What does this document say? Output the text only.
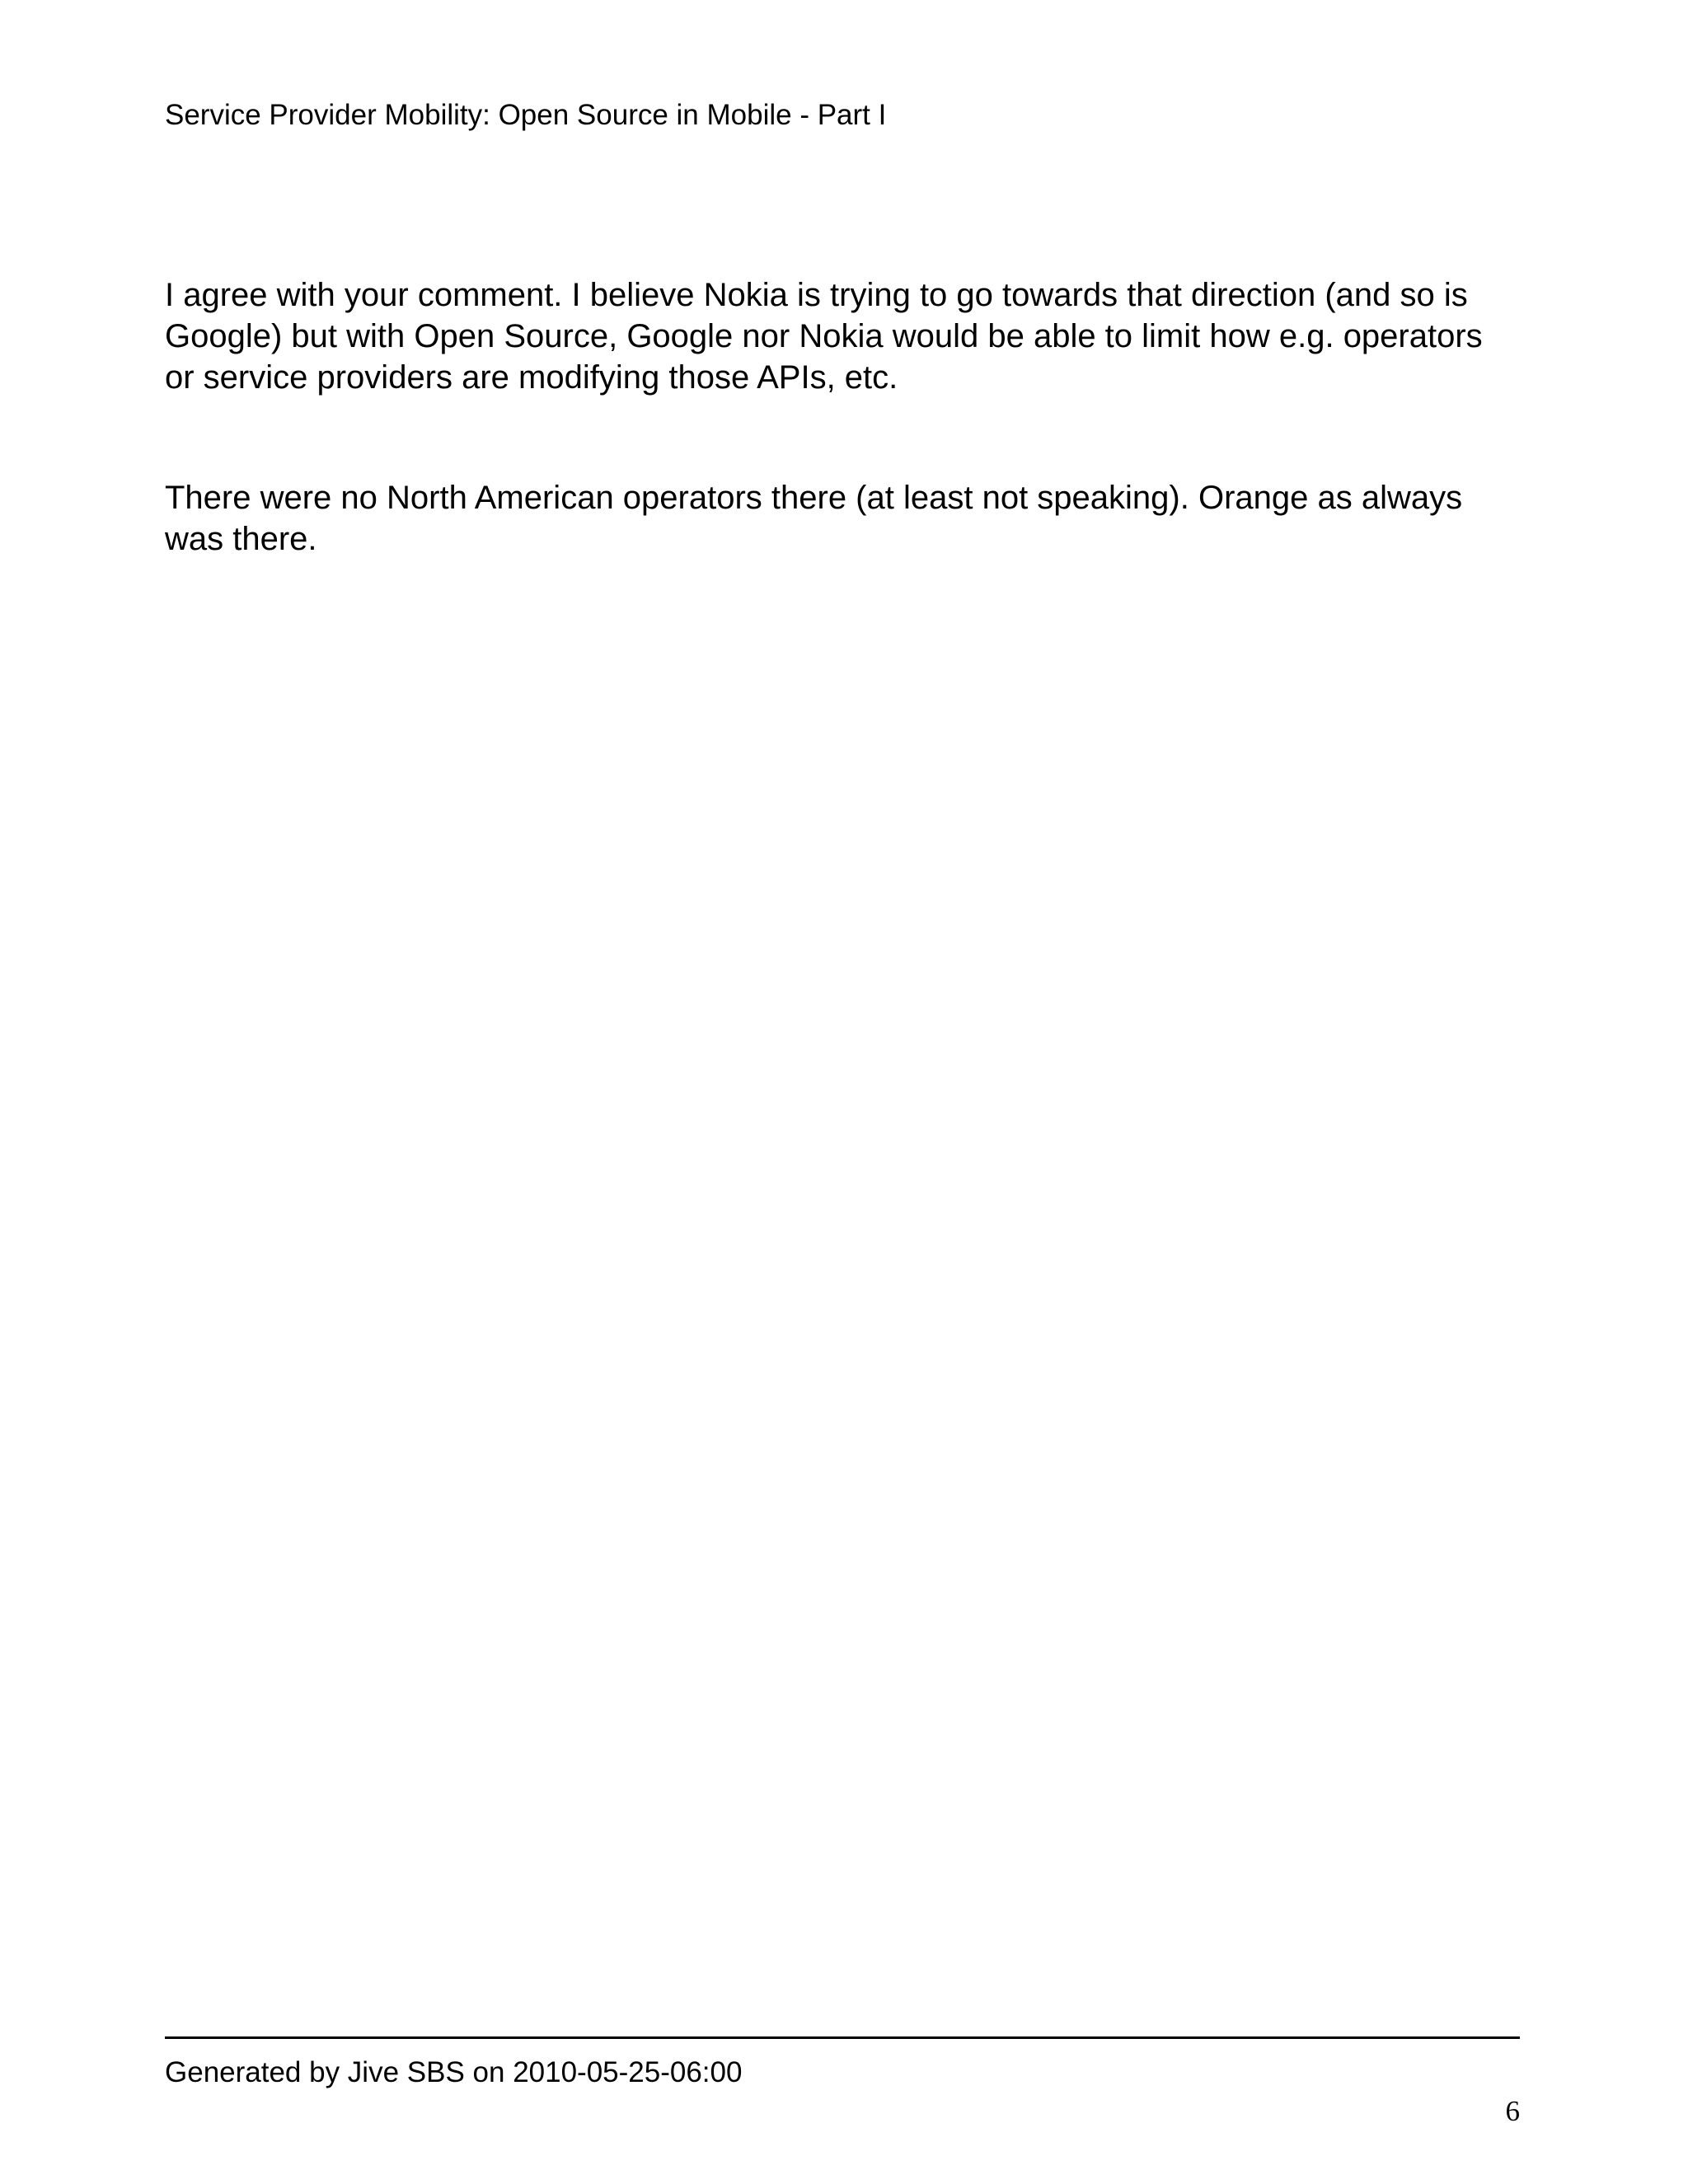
Service Provider Mobility: Open Source in Mobile - Part I

I agree with your comment. I believe Nokia is trying to go towards that direction (and so is
Google) but with Open Source, Google nor Nokia would be able to limit how e.g. operators
or service providers are modifying those APIs, etc.

There were no North American operators there (at least not speaking). Orange as always
was there.

Generated by Jive SBS on 2010-05-25-06:00
6
